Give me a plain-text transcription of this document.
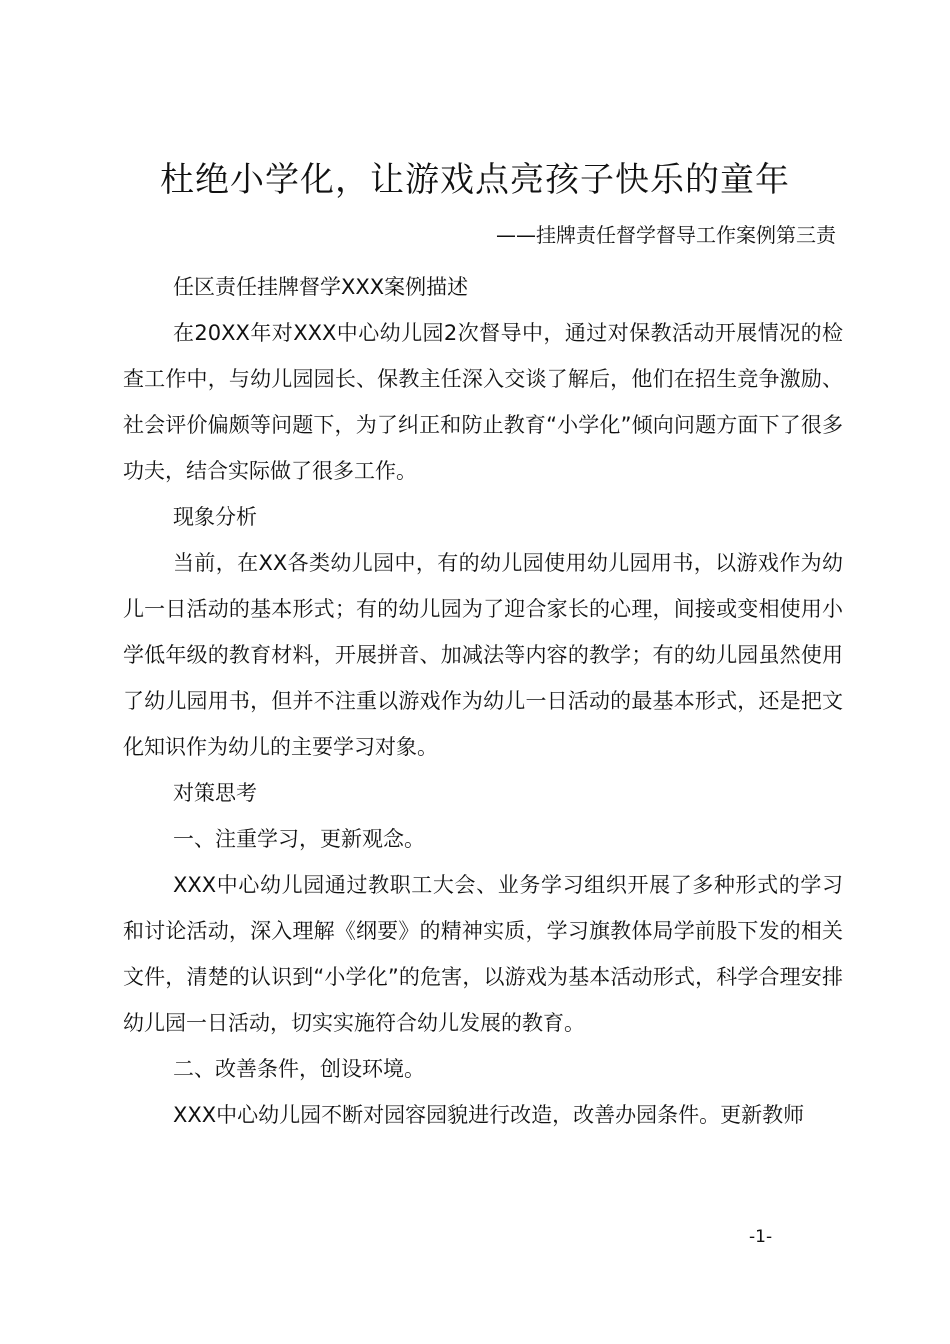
杜绝小学化，让游戏点亮孩子快乐的童年
——挂牌责任督学督导工作案例第三责

任区责任挂牌督学XXX案例描述

在20XX年对XXX中心幼儿园2次督导中，通过对保教活动开展情况的检查工作中，与幼儿园园长、保教主任深入交谈了解后，他们在招生竞争激励、社会评价偏颇等问题下，为了纠正和防止教育“小学化”倾向问题方面下了很多功夫，结合实际做了很多工作。

现象分析

当前，在XX各类幼儿园中，有的幼儿园使用幼儿园用书，以游戏作为幼儿一日活动的基本形式；有的幼儿园为了迎合家长的心理，间接或变相使用小学低年级的教育材料，开展拼音、加减法等内容的教学；有的幼儿园虽然使用了幼儿园用书，但并不注重以游戏作为幼儿一日活动的最基本形式，还是把文化知识作为幼儿的主要学习对象。

对策思考

一、注重学习，更新观念。

XXX中心幼儿园通过教职工大会、业务学习组织开展了多种形式的学习和讨论活动，深入理解《纲要》的精神实质，学习旗教体局学前股下发的相关文件，清楚的认识到“小学化”的危害，以游戏为基本活动形式，科学合理安排幼儿园一日活动，切实实施符合幼儿发展的教育。

二、改善条件，创设环境。

XXX中心幼儿园不断对园容园貌进行改造，改善办园条件。更新教师

-1-
